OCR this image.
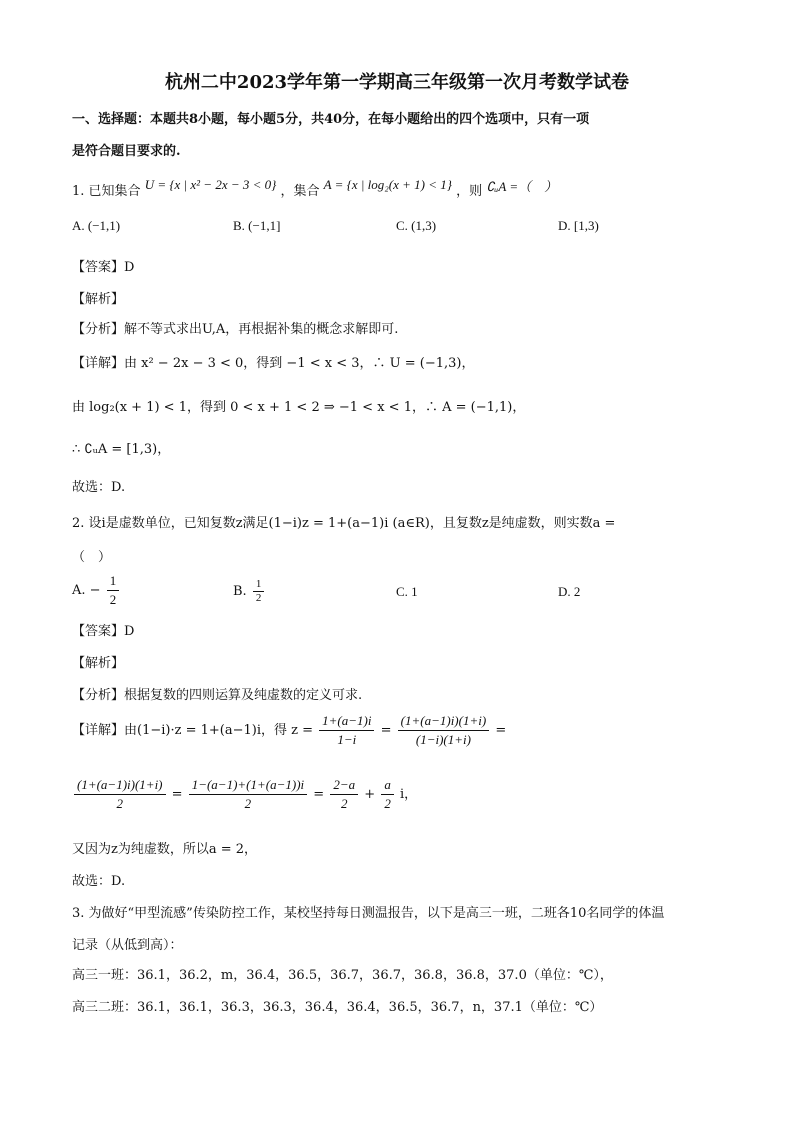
杭州二中2023学年第一学期高三年级第一次月考数学试卷
一、选择题：本题共8小题，每小题5分，共40分，在每小题给出的四个选项中，只有一项
是符合题目要求的.
1. 已知集合 U = {x | x² − 2x − 3 < 0} ，集合 A = {x | log₂(x + 1) < 1} ，则 ∁ᵤA =（　）
A. (−1,1)	B. (−1,1]	C. (1,3)	D. [1,3)
【答案】D
【解析】
【分析】解不等式求出U,A，再根据补集的概念求解即可.
【详解】由 x² − 2x − 3 < 0，得到 −1 < x < 3，∴ U = (−1,3)，
由 log₂(x + 1) < 1，得到 0 < x + 1 < 2 ⇒ −1 < x < 1，∴ A = (−1,1)，
∴ ∁ᵤA = [1,3)，
故选：D.
2. 设i是虚数单位，已知复数z满足(1−i)z = 1+(a−1)i (a∈R)，且复数z是纯虚数，则实数a =
（　）
A. − $\frac{1}{2}$	B. $\frac{1}{2}$	C. 1	D. 2
【答案】D
【解析】
【分析】根据复数的四则运算及纯虚数的定义可求.
【详解】由(1−i)·z = 1+(a−1)i，得 $z = \frac{1+(a-1)i}{1-i} = \frac{(1+(a-1)i)(1+i)}{(1-i)(1+i)}$ =
$\frac{(1+(a-1)i)(1+i)}{2} = \frac{1-(a-1)+(1+(a-1))i}{2} = \frac{2-a}{2} + \frac{a}{2}$ i，
又因为z为纯虚数，所以a = 2，
故选：D.
3. 为做好“甲型流感”传染防控工作，某校坚持每日测温报告，以下是高三一班，二班各10名同学的体温
记录（从低到高）：
高三一班：36.1，36.2，m，36.4，36.5，36.7，36.7，36.8，36.8，37.0（单位：℃），
高三二班：36.1，36.1，36.3，36.3，36.4，36.4，36.5，36.7，n，37.1（单位：℃）
